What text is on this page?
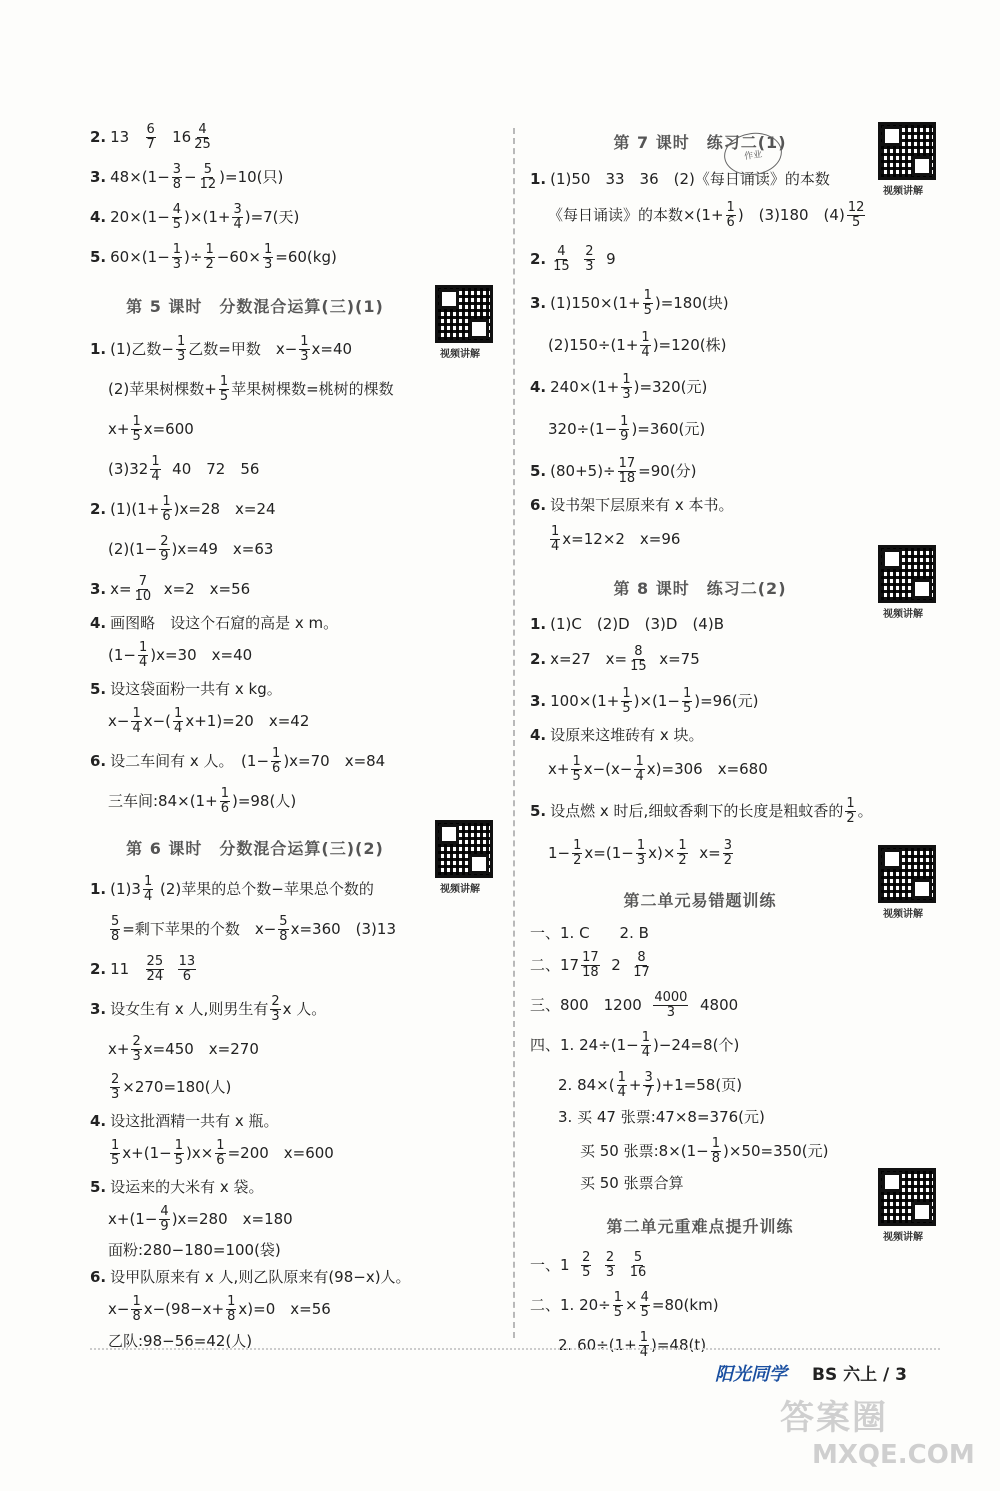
2. 13
$\frac{6}{7}$
$16 \frac{4}{25}$
3. $48\times(1- \frac{3}{8} - \frac{5}{12} )=10$(只)
4. $20\times(1- \frac{4}{5} )\times(1+ \frac{3}{4} )=7$(天)
5. $60\times(1- \frac{1}{3}$ )÷ $\frac{1}{2} -60\times \frac{1}{3} =60(kg)$
第 5 课时　分数混合运算(三)(1)
1. (1)乙数− $\frac{1}{3}$ 乙数=甲数　$x- \frac{1}{3} x=40$
(2)苹果树棵数+ $\frac{1}{5}$ 苹果树棵数=桃树的棵数
$x+ \frac{1}{5} x=600$
$(3)32 \frac{1}{4}$
40　72　56
2. $(1)(1+ \frac{1}{6} )x=28$　x=24
$(2)(1- \frac{2}{9} )x=49$　x=63
3. $x= \frac{7}{10}$
x=2　x=56
4. 画图略　设这个石窟的高是 x m。
$(1- \frac{1}{4} )x=30$　x=40
5. 设这袋面粉一共有 x kg。
$x- \frac{1}{4} x-( \frac{1}{4} x+1)=20$　x=42
6. 设二车间有 x 人。　$(1- \frac{1}{6} )x=70$　x=84
三车间:84×(1+ $\frac{1}{6} )=98$(人)
第 6 课时　分数混合运算(三)(2)
1. $(1)3 \frac{1}{4}$
(2)苹果的总个数−苹果总个数的
$\frac{5}{8}$ =剩下苹果的个数　$x- \frac{5}{8} x=360$　(3)13
2. 11
$\frac{25}{24}$
$\frac{13}{6}$
3. 设女生有 x 人,则男生有 $\frac{2}{3}$ x 人。
$x+ \frac{2}{3} x=450$　x=270
$\frac{2}{3} \times 270=180$(人)
4. 设这批酒精一共有 x 瓶。
$\frac{1}{5} x+(1- \frac{1}{5} )x\times \frac{1}{6} =200$　x=600
5. 设运来的大米有 x 袋。
$x+(1- \frac{4}{9} )x=280$　x=180
面粉:280−180=100(袋)
6. 设甲队原来有 x 人,则乙队原来有(98−x)人。
$x- \frac{1}{8} x-(98-x+ \frac{1}{8} x)=0$　x=56
乙队:98−56=42(人)
第 7 课时　练习二(1)
1. (1)50　33　36　(2)《每日诵读》的本数
《每日诵读》的本数$\times(1+ \frac{1}{6}$ )　(3)180　$(4) \frac{12}{5}$
2. $\frac{4}{15}$
$\frac{2}{3}$
9
3. $(1)150\times(1+ \frac{1}{5} )=180$(块)
$(2)150\div(1+ \frac{1}{4} )=120$(株)
4. $240\times(1+ \frac{1}{3} )=320$(元)
$320\div(1- \frac{1}{9} )=360$(元)
5. $(80+5)\div \frac{17}{18} =90$(分)
6. 设书架下层原来有 x 本书。
$\frac{1}{4} x=12\times 2$　x=96
第 8 课时　练习二(2)
1. (1)C　(2)D　(3)D　(4)B
2. x=27　$x= \frac{8}{15}$
x=75
3. $100\times(1+ \frac{1}{5} )\times(1- \frac{1}{5} )=96$(元)
4. 设原来这堆砖有 x 块。
$x+ \frac{1}{5} x-(x- \frac{1}{4} x)=306$　x=680
5. 设点燃 x 时后,细蚊香剩下的长度是粗蚊香的 $\frac{1}{2}$ 。
$1- \frac{1}{2} x=(1- \frac{1}{3} x)\times \frac{1}{2}$
$x= \frac{3}{2}$
第二单元易错题训练
一、1. C　　2. B
二、$17 \frac{17}{18}$
2
$\frac{8}{17}$
三、800　1200
$\frac{4000}{3}$
4800
四、1. $24\div(1- \frac{1}{4} )-24=8$(个)
2. $84\times( \frac{1}{4} + \frac{3}{7} )+1=58$(页)
3. 买 47 张票:47×8=376(元)
买 50 张票:8×(1− $\frac{1}{8} )\times 50=350$(元)
买 50 张票合算
第二单元重难点提升训练
一、1
$\frac{2}{5}$
$\frac{2}{3}$
$\frac{5}{16}$
二、1. $20\div \frac{1}{5} \times \frac{4}{5} =80(km)$
2. $60\div(1+ \frac{1}{4} )=48(t)$
视频讲解
视频讲解
视频讲解
视频讲解
视频讲解
视频讲解
作业
阳光同学 BS 六上 / 3
答案圈
MXQE.COM
